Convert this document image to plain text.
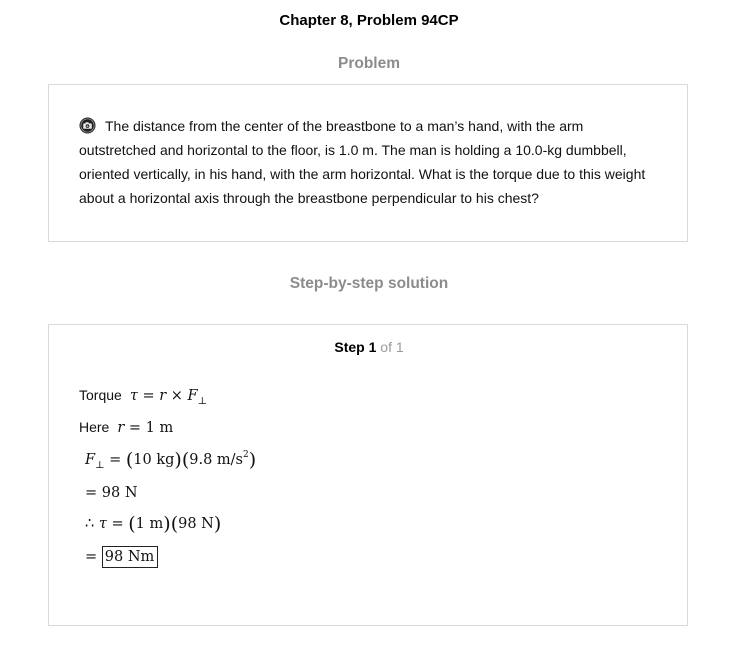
Chapter 8, Problem 94CP
Problem
The distance from the center of the breastbone to a man’s hand, with the arm outstretched and horizontal to the floor, is 1.0 m. The man is holding a 10.0-kg dumbbell, oriented vertically, in his hand, with the arm horizontal. What is the torque due to this weight about a horizontal axis through the breastbone perpendicular to his chest?
Step-by-step solution
Step 1 of 1
Torque $\tau = r \times F_\perp$
Here r = 1 m
$F_\perp = (10$ kg)(9.8 $m/s^2$)
= 98 N
∴ τ = (1 m)(98 N)
= 98 Nm
